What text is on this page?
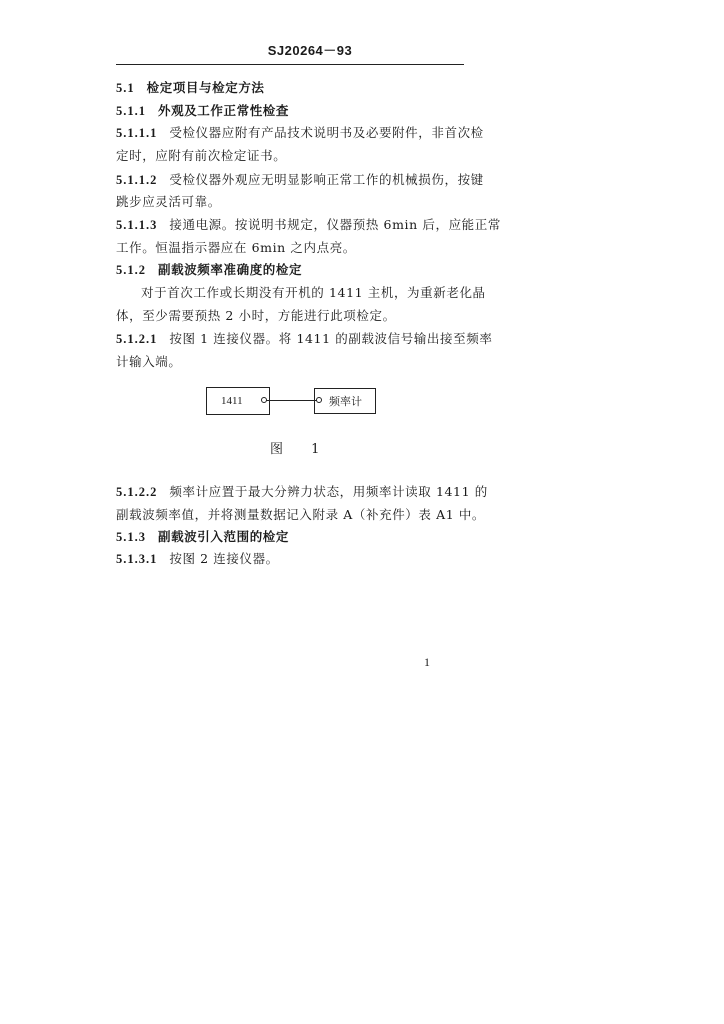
SJ20264－93
5.1 检定项目与检定方法
5.1.1 外观及工作正常性检查
5.1.1.1 受检仪器应附有产品技术说明书及必要附件，非首次检
定时，应附有前次检定证书。
5.1.1.2 受检仪器外观应无明显影响正常工作的机械损伤，按键
跳步应灵活可靠。
5.1.1.3 接通电源。按说明书规定，仪器预热 6min 后，应能正常
工作。恒温指示器应在 6min 之内点亮。
5.1.2 副载波频率准确度的检定
对于首次工作或长期没有开机的 1411 主机，为重新老化晶
体，至少需要预热 2 小时，方能进行此项检定。
5.1.2.1 按图 1 连接仪器。将 1411 的副载波信号输出接至频率
计输入端。
1411	频率计
图 1
5.1.2.2 频率计应置于最大分辨力状态，用频率计读取 1411 的
副载波频率值，并将测量数据记入附录 A（补充件）表 A1 中。
5.1.3 副载波引入范围的检定
5.1.3.1 按图 2 连接仪器。
1
